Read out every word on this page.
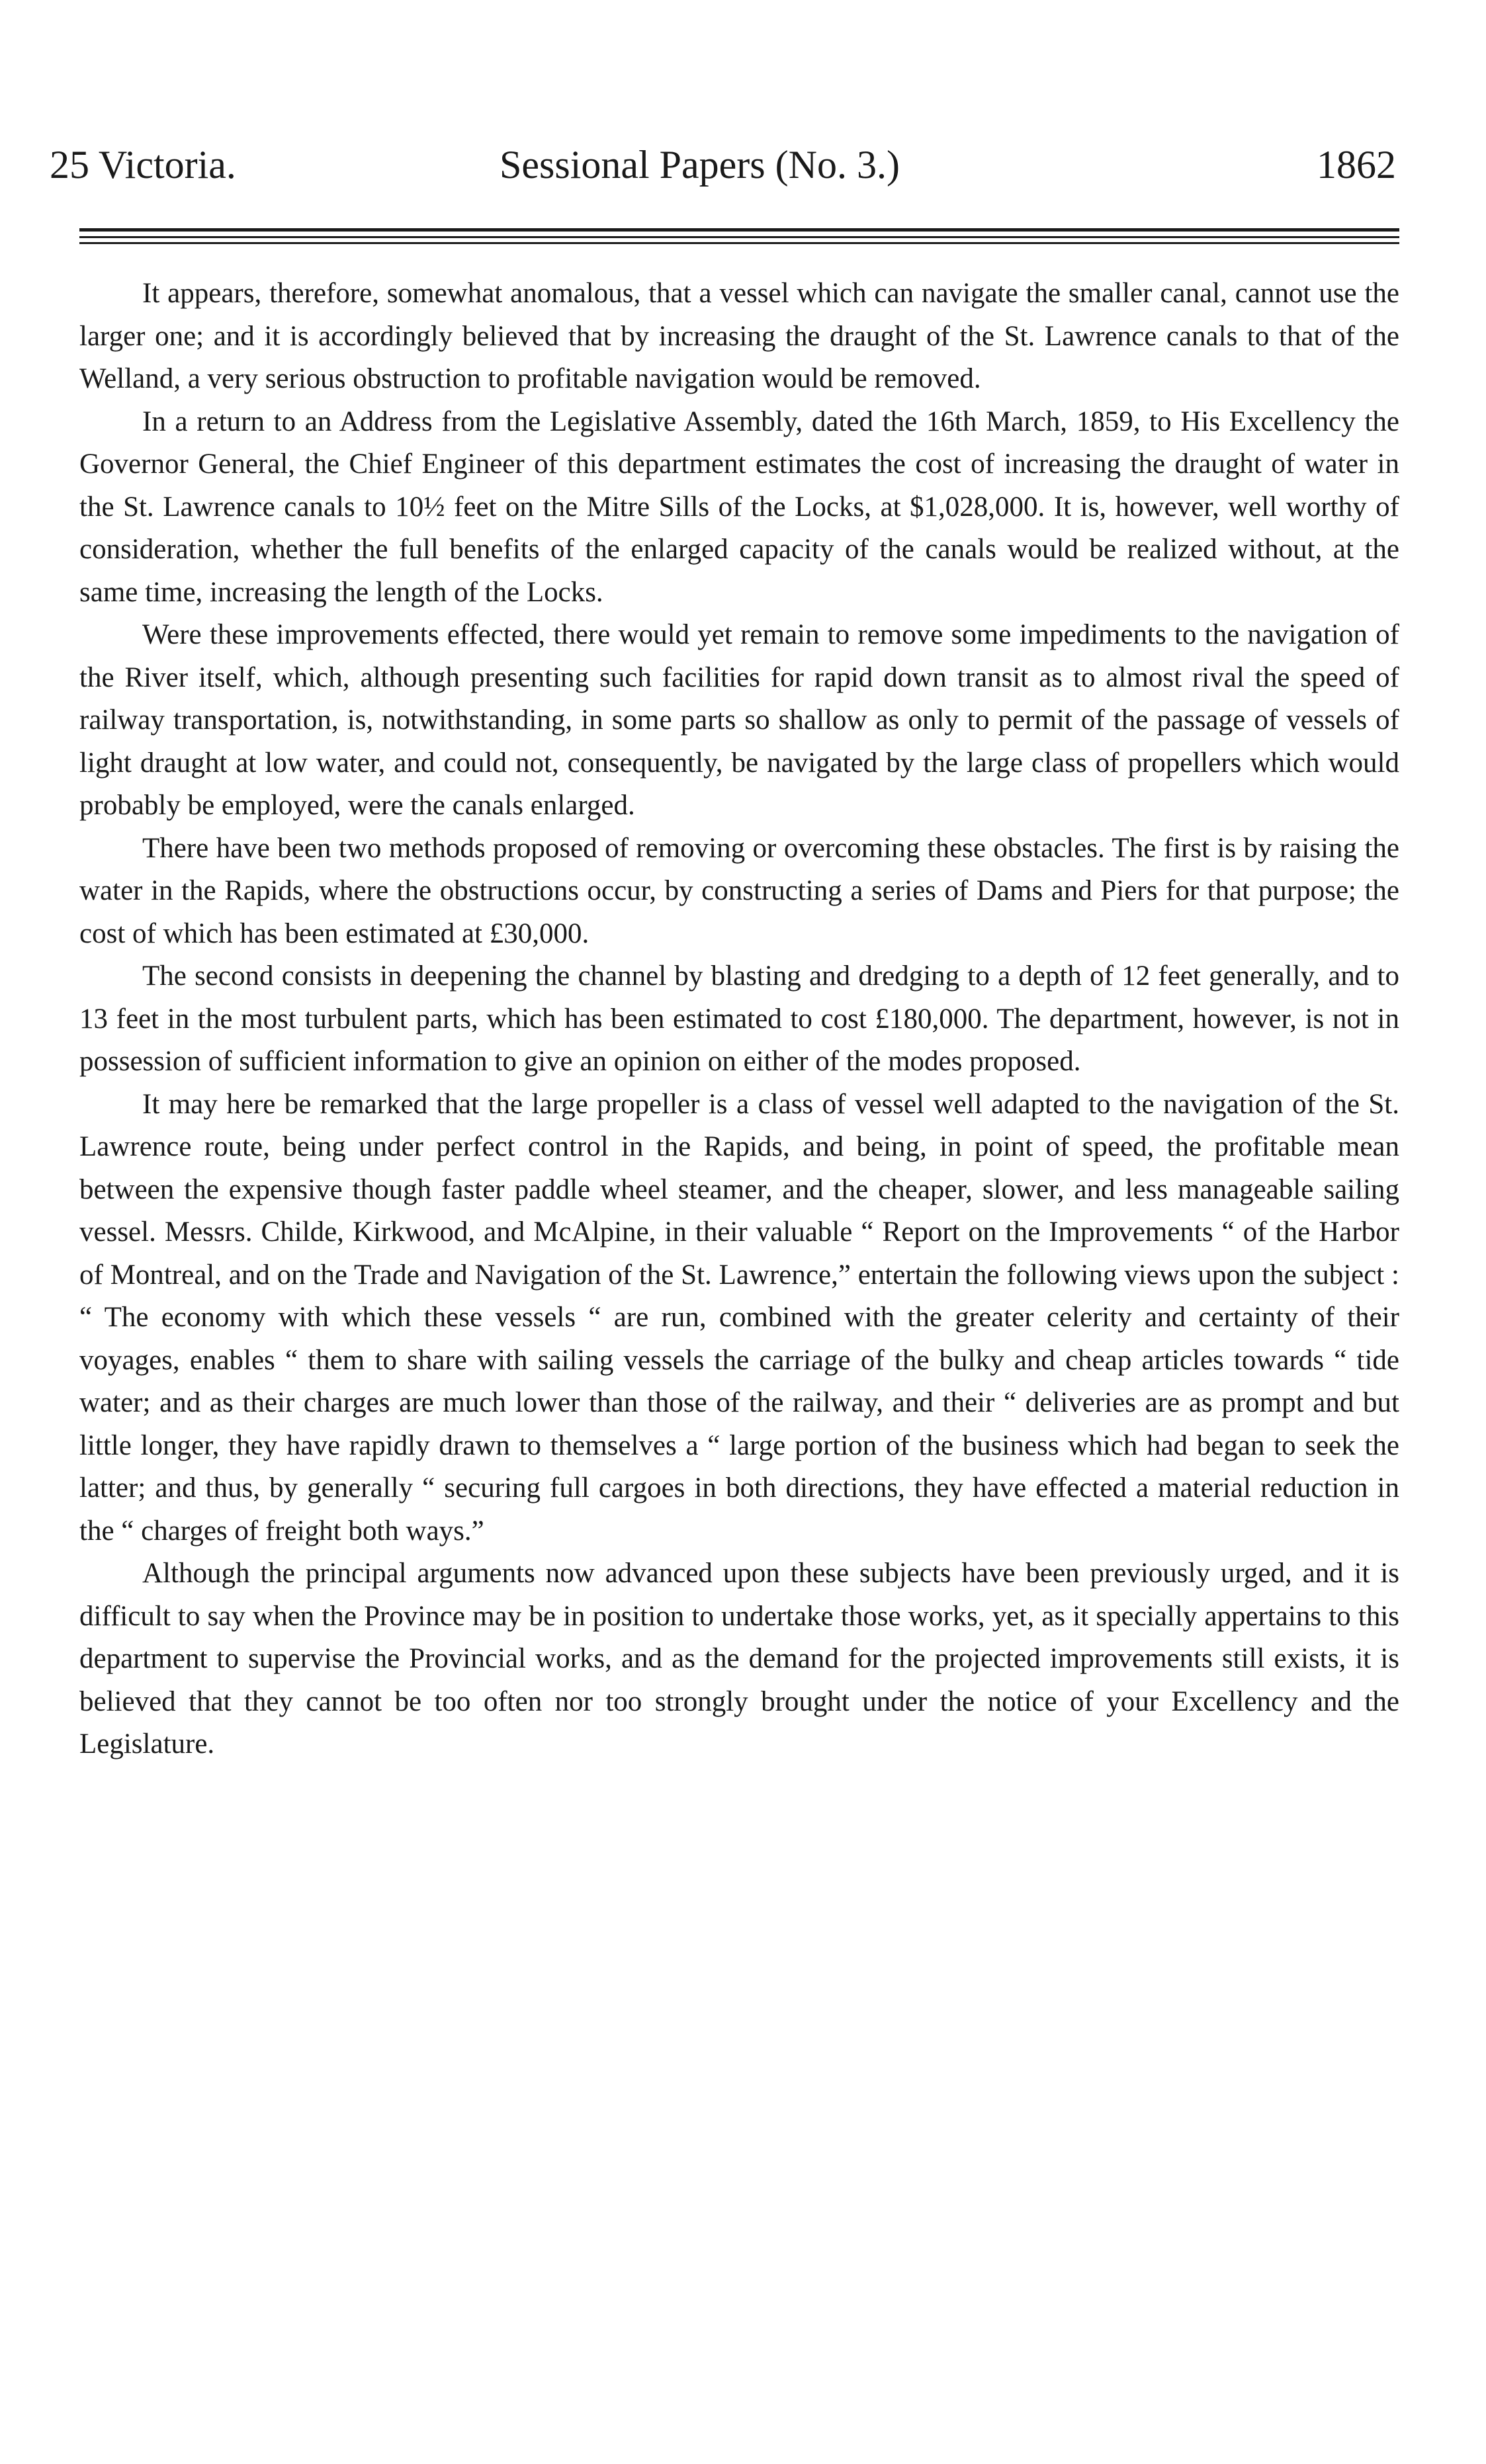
25 Victoria.	Sessional Papers (No. 3.)	1862

It appears, therefore, somewhat anomalous, that a vessel which can navigate the smaller canal, cannot use the larger one; and it is accordingly believed that by increasing the draught of the St. Lawrence canals to that of the Welland, a very serious obstruction to profitable navigation would be removed.

In a return to an Address from the Legislative Assembly, dated the 16th March, 1859, to His Excellency the Governor General, the Chief Engineer of this department estimates the cost of increasing the draught of water in the St. Lawrence canals to 10½ feet on the Mitre Sills of the Locks, at $1,028,000. It is, however, well worthy of consideration, whether the full benefits of the enlarged capacity of the canals would be realized without, at the same time, increasing the length of the Locks.

Were these improvements effected, there would yet remain to remove some impediments to the navigation of the River itself, which, although presenting such facilities for rapid down transit as to almost rival the speed of railway transportation, is, notwithstanding, in some parts so shallow as only to permit of the passage of vessels of light draught at low water, and could not, consequently, be navigated by the large class of propellers which would probably be employed, were the canals enlarged.

There have been two methods proposed of removing or overcoming these obstacles. The first is by raising the water in the Rapids, where the obstructions occur, by constructing a series of Dams and Piers for that purpose; the cost of which has been estimated at £30,000.

The second consists in deepening the channel by blasting and dredging to a depth of 12 feet generally, and to 13 feet in the most turbulent parts, which has been estimated to cost £180,000. The department, however, is not in possession of sufficient information to give an opinion on either of the modes proposed.

It may here be remarked that the large propeller is a class of vessel well adapted to the navigation of the St. Lawrence route, being under perfect control in the Rapids, and being, in point of speed, the profitable mean between the expensive though faster paddle wheel steamer, and the cheaper, slower, and less manageable sailing vessel. Messrs. Childe, Kirkwood, and McAlpine, in their valuable “ Report on the Improvements “ of the Harbor of Montreal, and on the Trade and Navigation of the St. Lawrence,” entertain the following views upon the subject : “ The economy with which these vessels “ are run, combined with the greater celerity and certainty of their voyages, enables “ them to share with sailing vessels the carriage of the bulky and cheap articles towards “ tide water; and as their charges are much lower than those of the railway, and their “ deliveries are as prompt and but little longer, they have rapidly drawn to themselves a “ large portion of the business which had began to seek the latter; and thus, by generally “ securing full cargoes in both directions, they have effected a material reduction in the “ charges of freight both ways.”

Although the principal arguments now advanced upon these subjects have been previously urged, and it is difficult to say when the Province may be in position to undertake those works, yet, as it specially appertains to this department to supervise the Provincial works, and as the demand for the projected improvements still exists, it is believed that they cannot be too often nor too strongly brought under the notice of your Excellency and the Legislature.
